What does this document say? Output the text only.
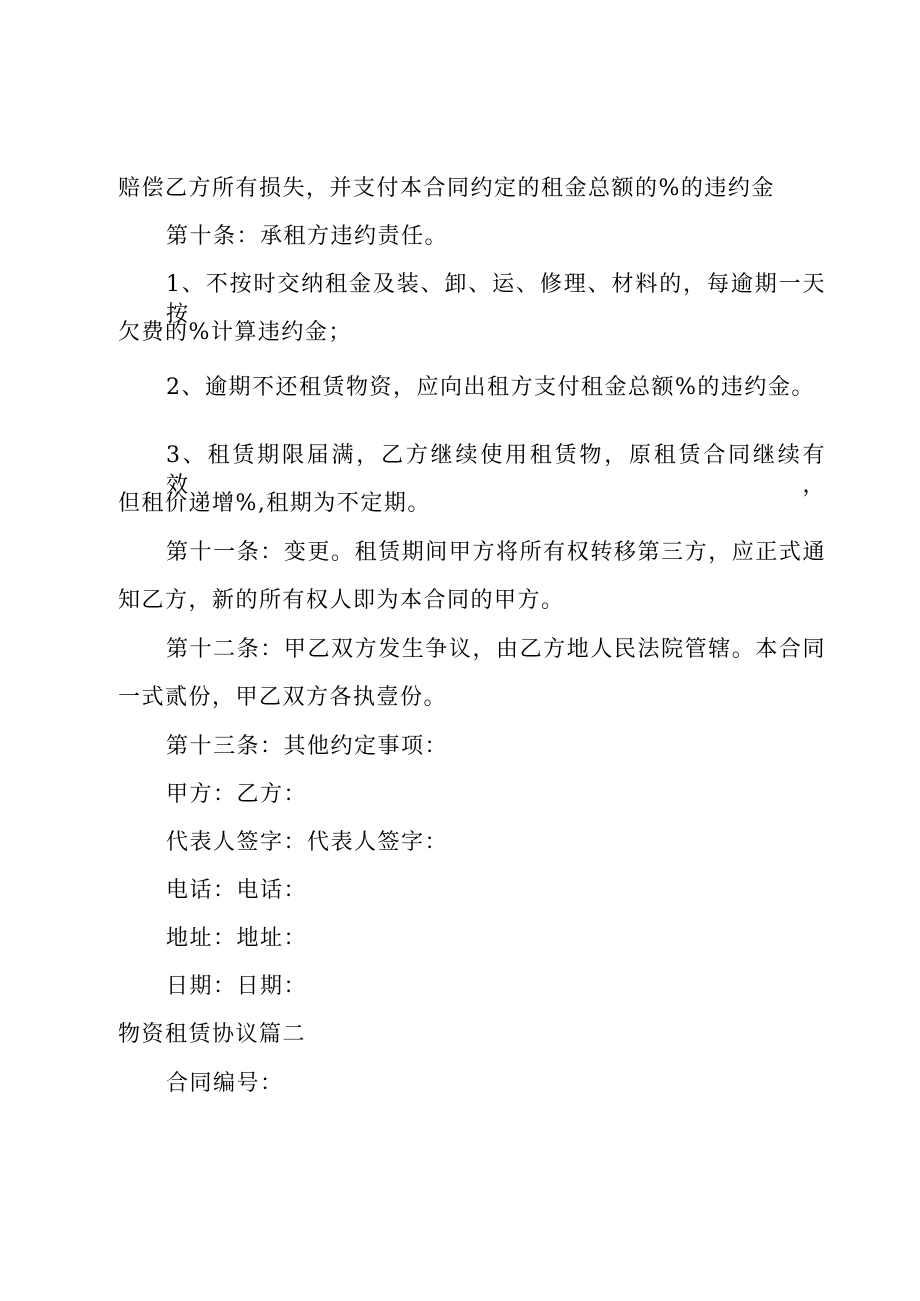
赔偿乙方所有损失，并支付本合同约定的租金总额的%的违约金
第十条：承租方违约责任。
1、不按时交纳租金及装、卸、运、修理、材料的，每逾期一天按
欠费的%计算违约金；
2、逾期不还租赁物资，应向出租方支付租金总额%的违约金。
3、租赁期限届满，乙方继续使用租赁物，原租赁合同继续有效，
但租价递增%,租期为不定期。
第十一条：变更。租赁期间甲方将所有权转移第三方，应正式通
知乙方，新的所有权人即为本合同的甲方。
第十二条：甲乙双方发生争议，由乙方地人民法院管辖。本合同
一式贰份，甲乙双方各执壹份。
第十三条：其他约定事项：
甲方：乙方：
代表人签字：代表人签字：
电话：电话：
地址：地址：
日期：日期：
物资租赁协议篇二
合同编号：
